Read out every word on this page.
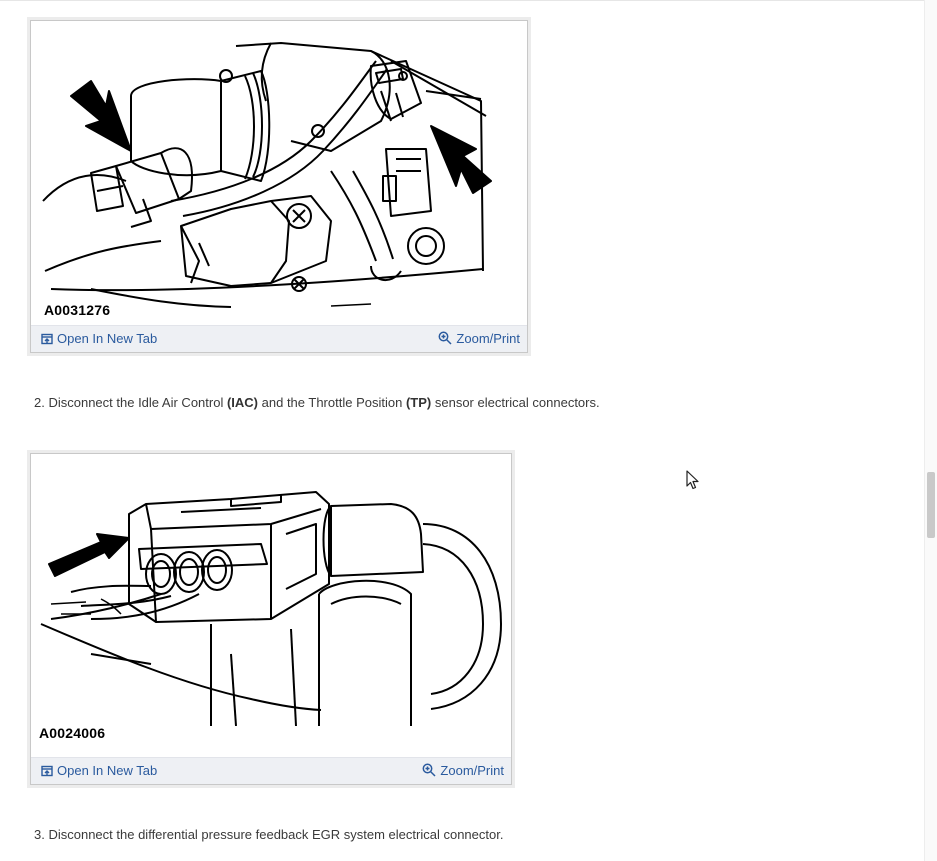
A0031276
Open In New Tab	Zoom/Print
2. Disconnect the Idle Air Control (IAC) and the Throttle Position (TP) sensor electrical connectors.
A0024006
Open In New Tab	Zoom/Print
3. Disconnect the differential pressure feedback EGR system electrical connector.
